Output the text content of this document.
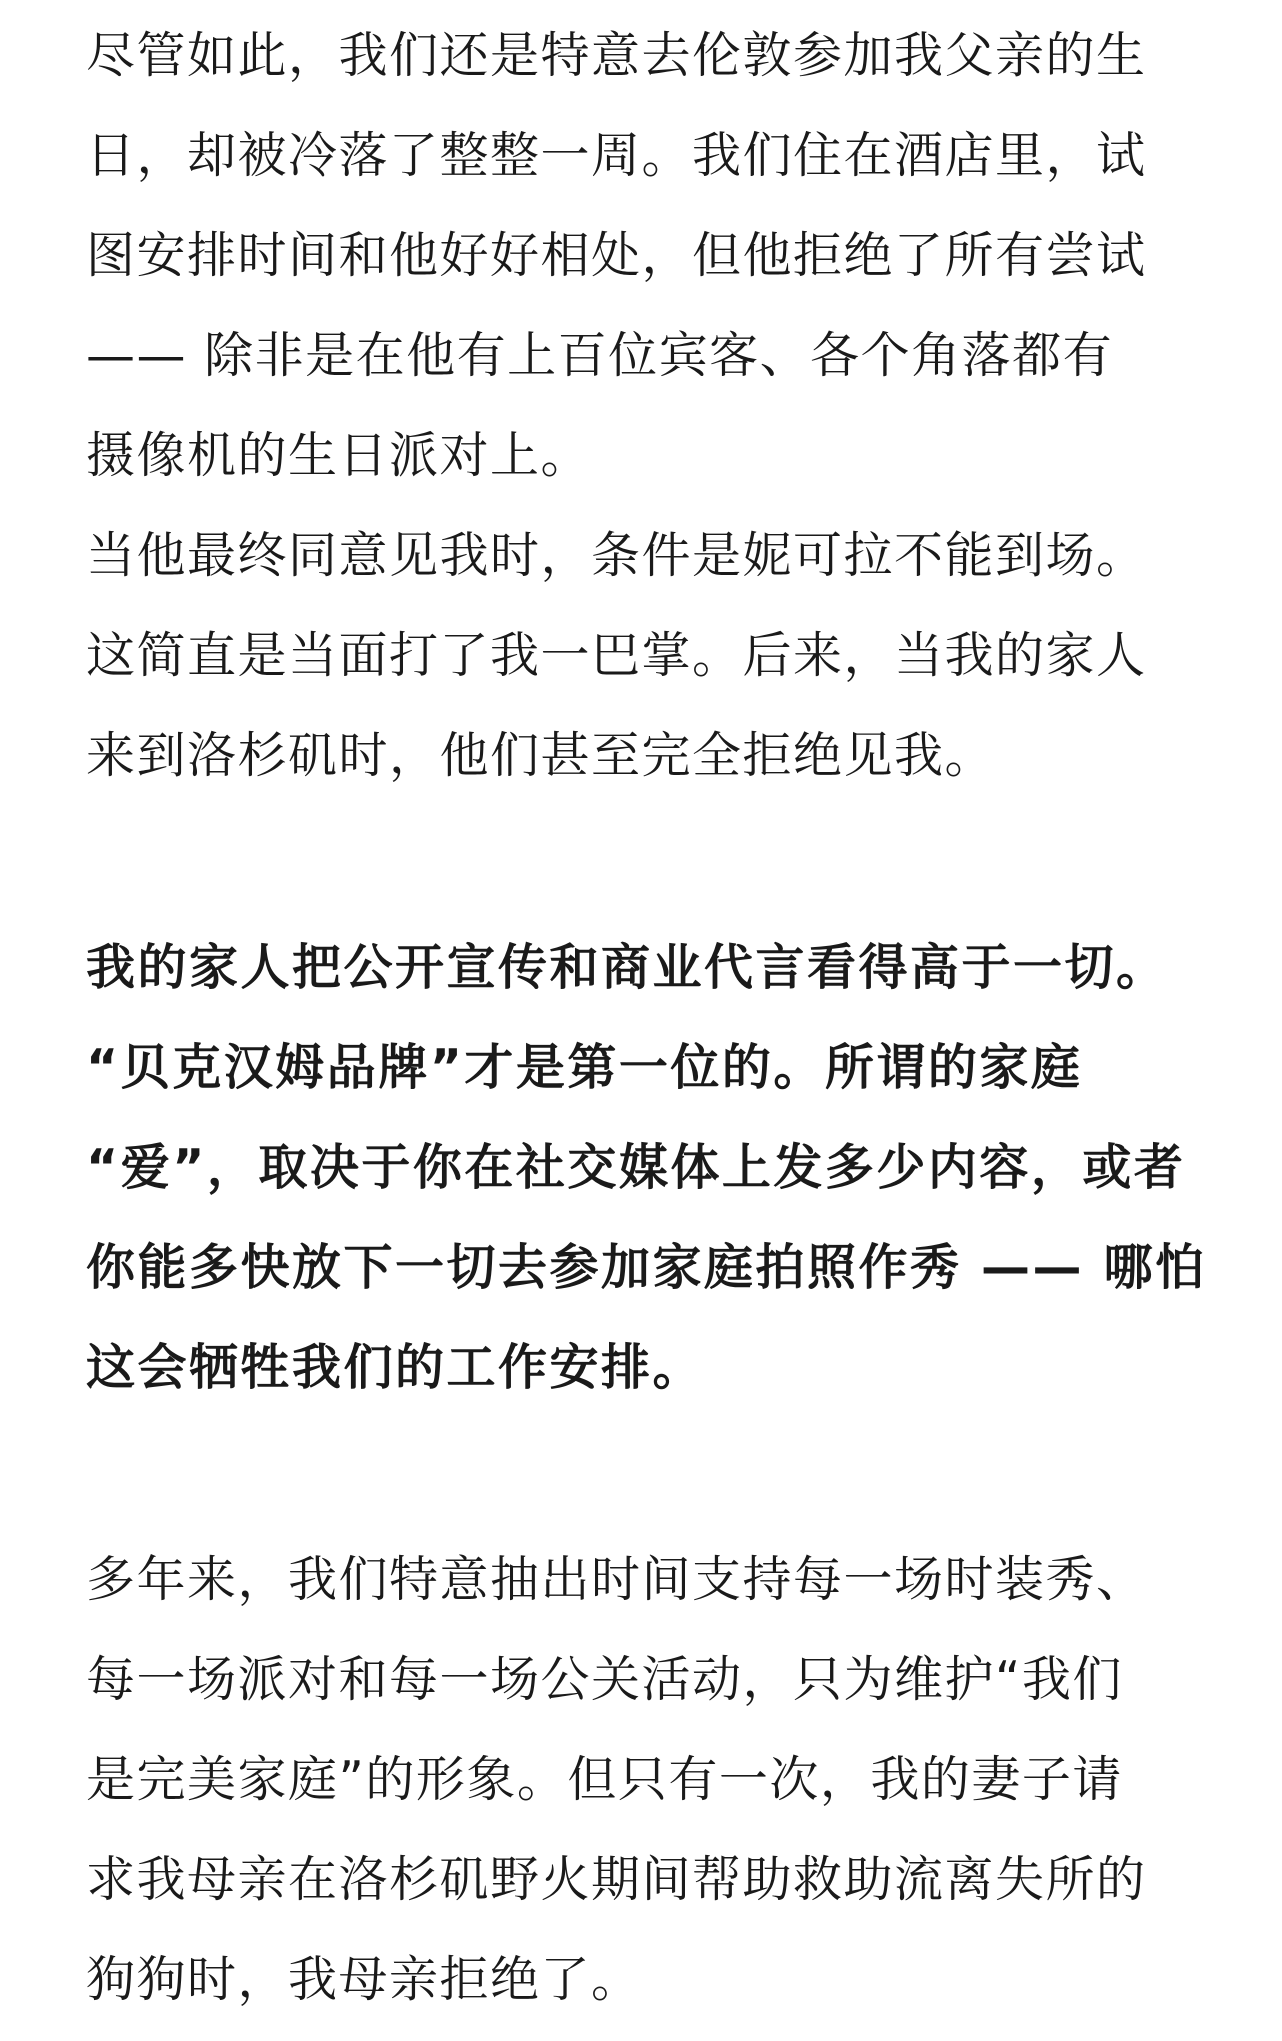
尽管如此，我们还是特意去伦敦参加我父亲的生
日，却被冷落了整整一周。我们住在酒店里，试
图安排时间和他好好相处，但他拒绝了所有尝试
—— 除非是在他有上百位宾客、各个角落都有
摄像机的生日派对上。
当他最终同意见我时，条件是妮可拉不能到场。
这简直是当面打了我一巴掌。后来，当我的家人
来到洛杉矶时，他们甚至完全拒绝见我。
我的家人把公开宣传和商业代言看得高于一切。
“贝克汉姆品牌”才是第一位的。所谓的家庭
“爱”，取决于你在社交媒体上发多少内容，或者
你能多快放下一切去参加家庭拍照作秀 —— 哪怕
这会牺牲我们的工作安排。
多年来，我们特意抽出时间支持每一场时装秀、
每一场派对和每一场公关活动，只为维护“我们
是完美家庭”的形象。但只有一次，我的妻子请
求我母亲在洛杉矶野火期间帮助救助流离失所的
狗狗时，我母亲拒绝了。
